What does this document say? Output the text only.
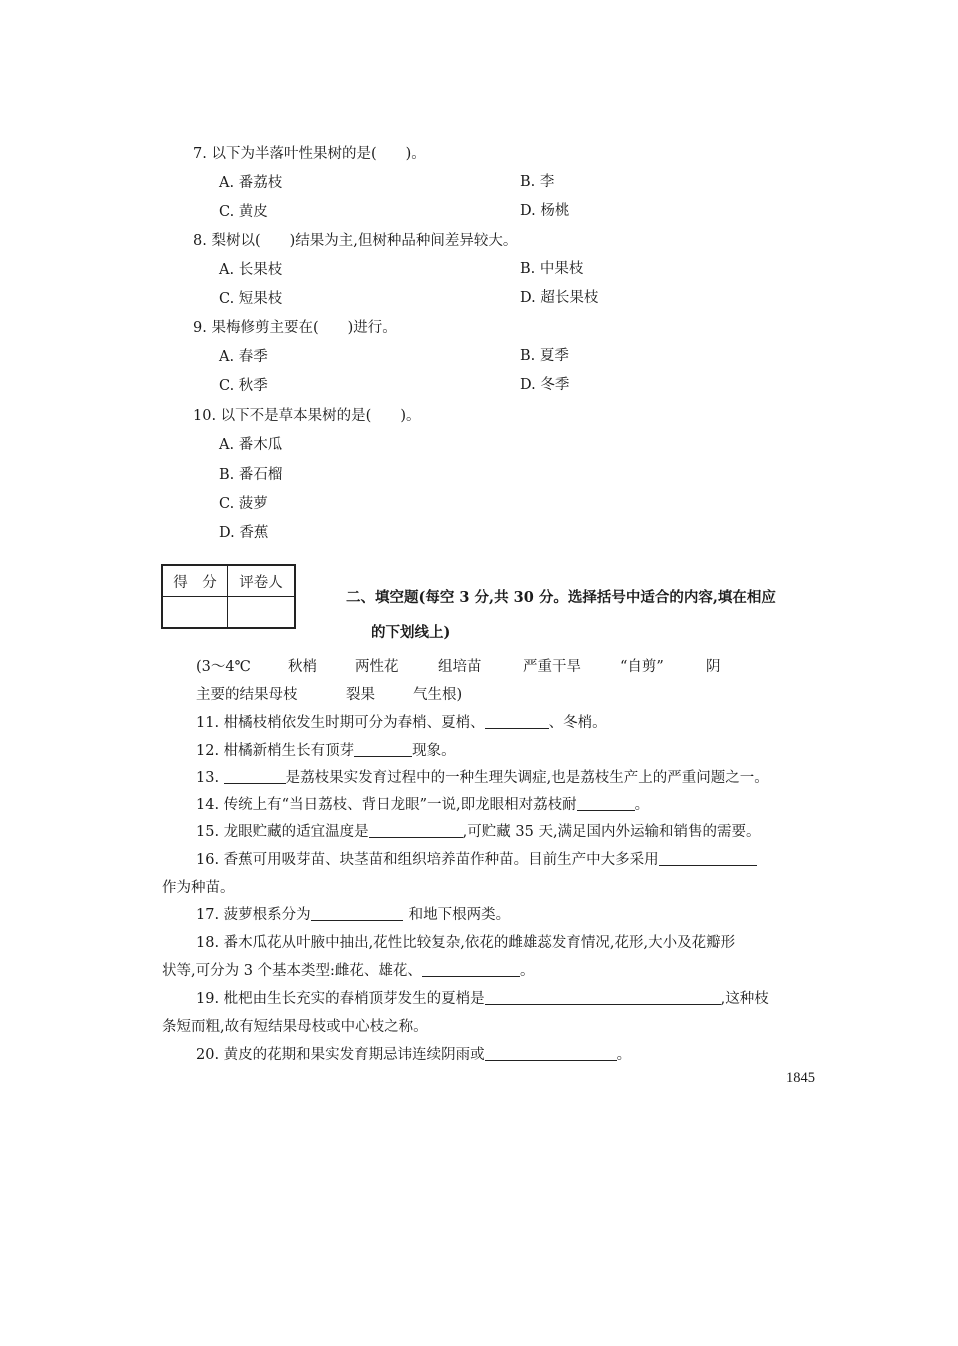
7. 以下为半落叶性果树的是(　　)。
A. 番荔枝	B. 李
C. 黄皮	D. 杨桃
8. 梨树以(　　)结果为主,但树种品种间差异较大。
A. 长果枝	B. 中果枝
C. 短果枝	D. 超长果枝
9. 果梅修剪主要在(　　)进行。
A. 春季	B. 夏季
C. 秋季	D. 冬季
10. 以下不是草本果树的是(　　)。
A. 番木瓜
B. 番石榴
C. 菠萝
D. 香蕉
得　分	评卷人

二、填空题(每空 3 分,共 30 分。选择括号中适合的内容,填在相应
的下划线上)
(3～4℃	秋梢	两性花	组培苗	严重干旱	“自剪”	阴
主要的结果母枝	裂果	气生根)
11. 柑橘枝梢依发生时期可分为春梢、夏梢、	、冬梢。
12. 柑橘新梢生长有顶芽	现象。
13.	是荔枝果实发育过程中的一种生理失调症,也是荔枝生产上的严重问题之一。
14. 传统上有“当日荔枝、背日龙眼”一说,即龙眼相对荔枝耐	。
15. 龙眼贮藏的适宜温度是	,可贮藏 35 天,满足国内外运输和销售的需要。
16. 香蕉可用吸芽苗、块茎苗和组织培养苗作种苗。目前生产中大多采用
作为种苗。
17. 菠萝根系分为	和地下根两类。
18. 番木瓜花从叶腋中抽出,花性比较复杂,依花的雌雄蕊发育情况,花形,大小及花瓣形
状等,可分为 3 个基本类型:雌花、雄花、	。
19. 枇杷由生长充实的春梢顶芽发生的夏梢是	,这种枝
条短而粗,故有短结果母枝或中心枝之称。
20. 黄皮的花期和果实发育期忌讳连续阴雨或	。
1845
